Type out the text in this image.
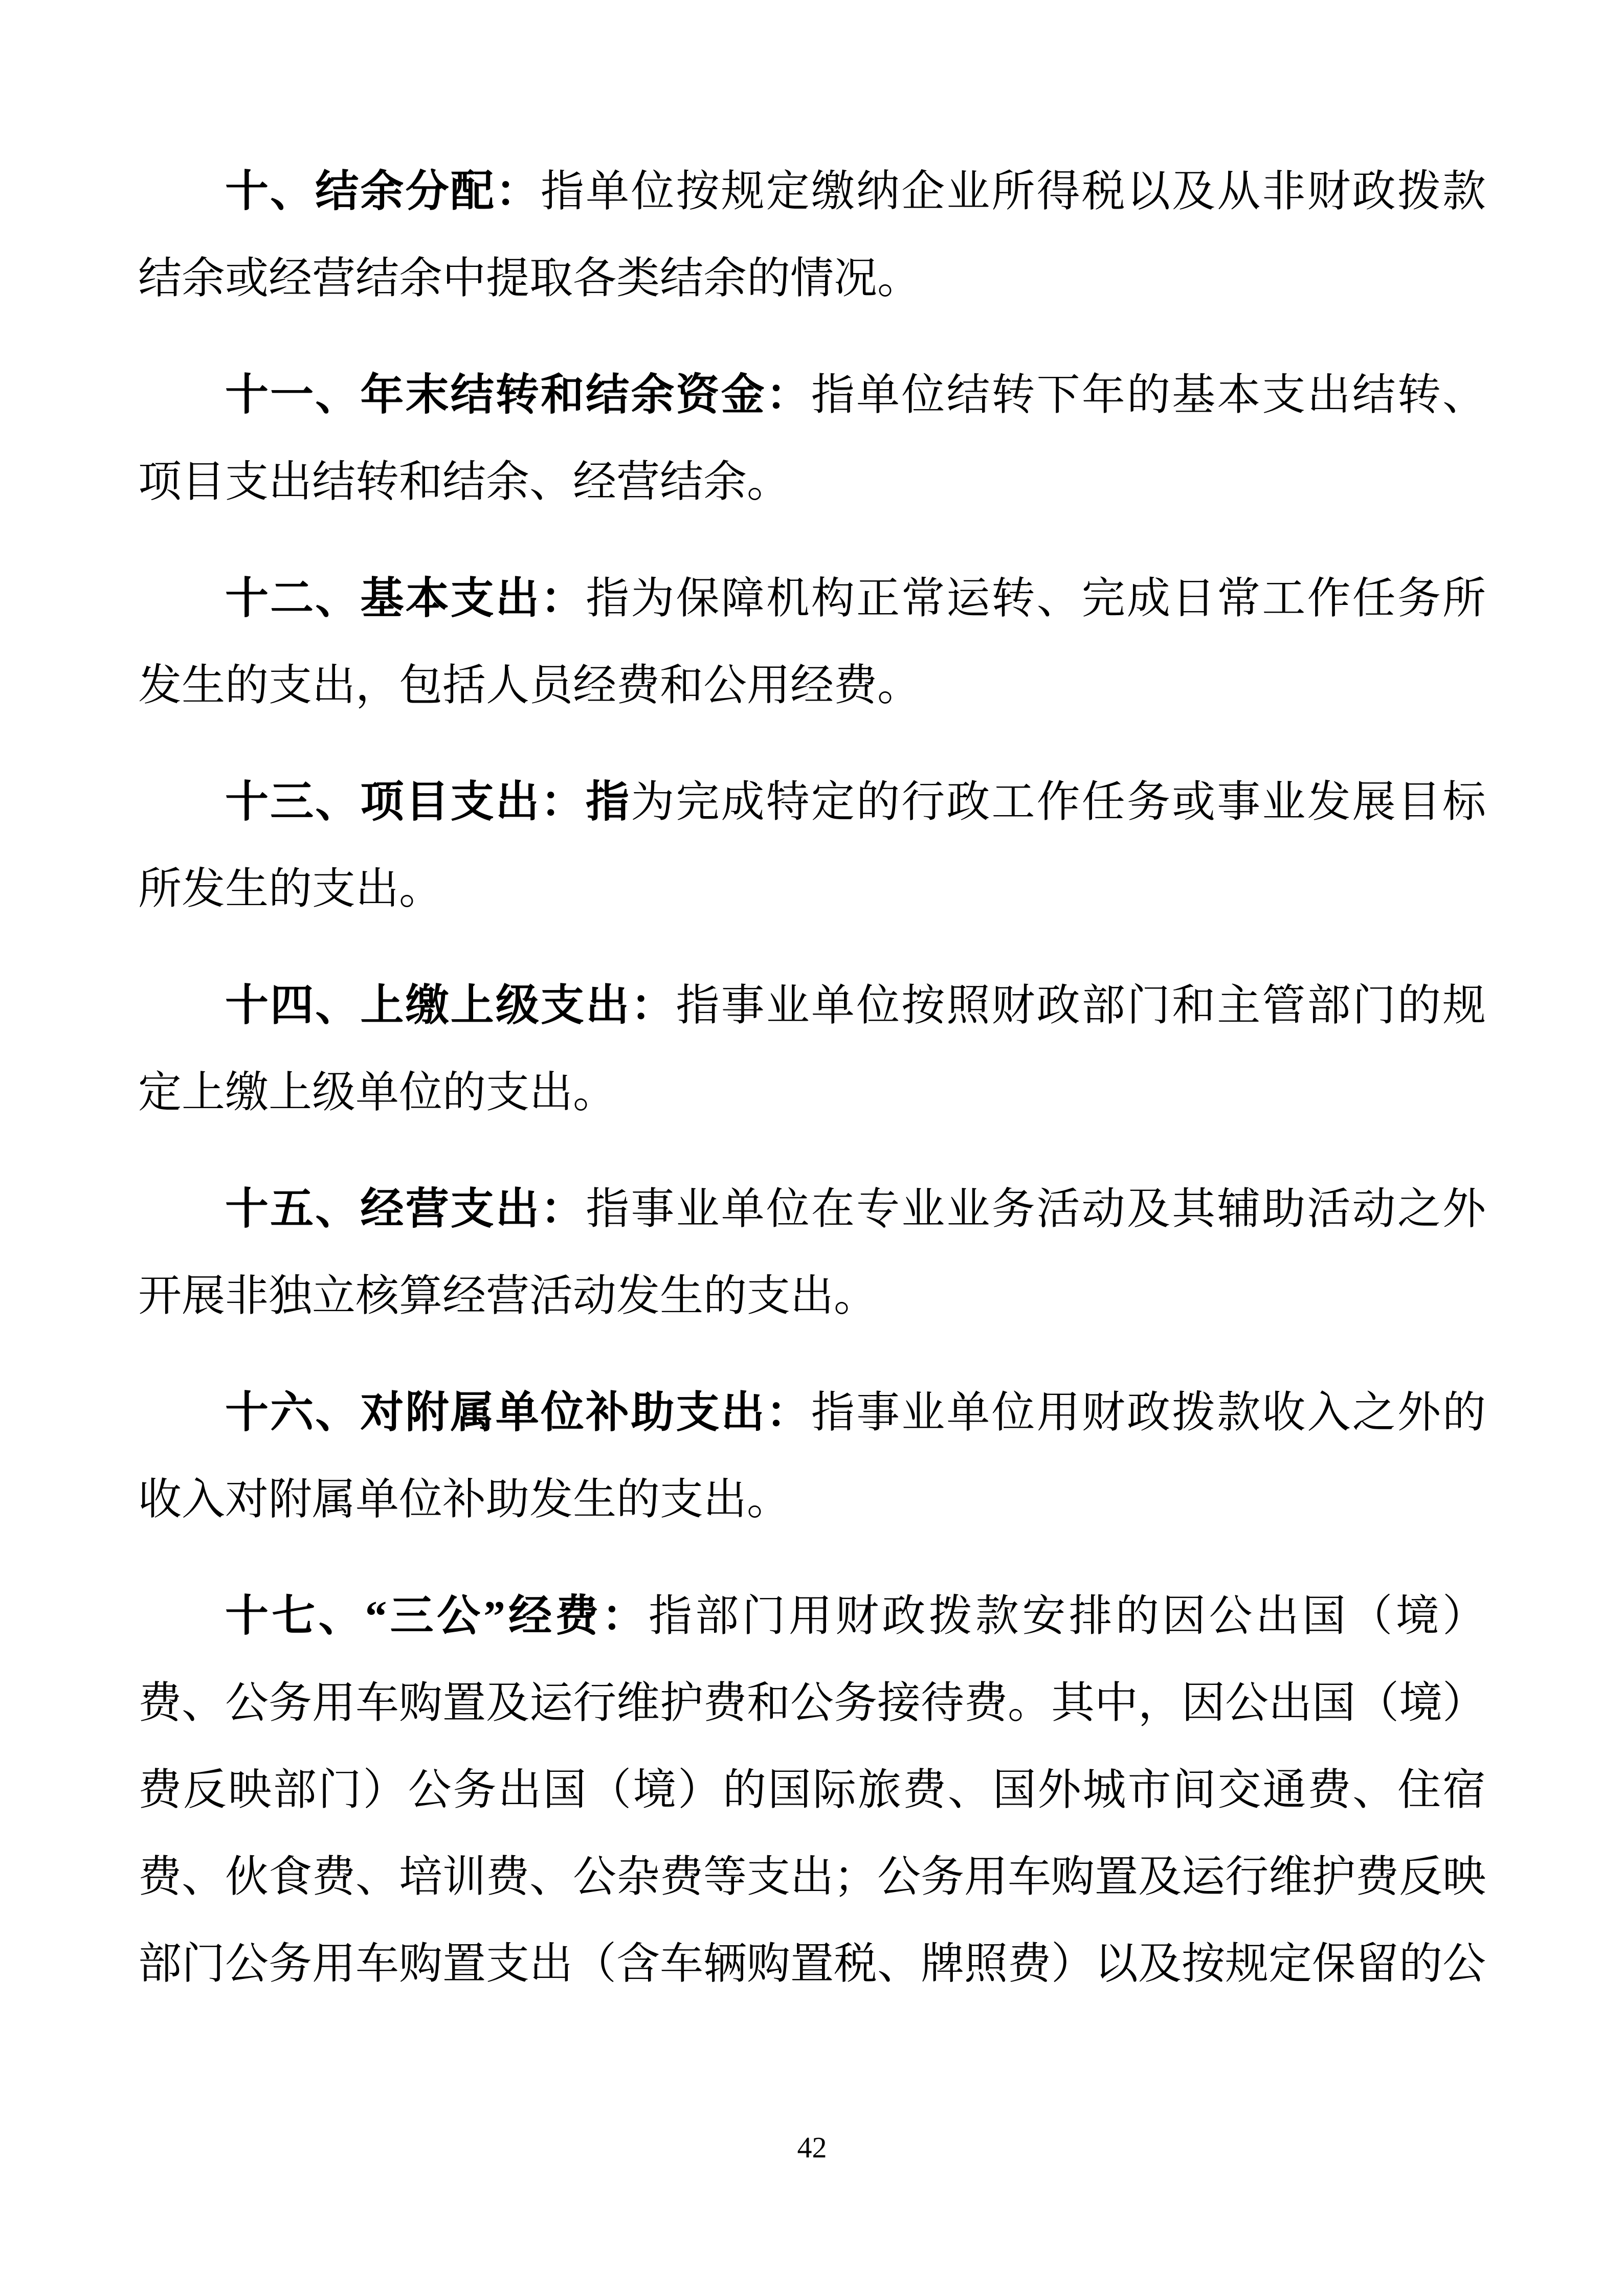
十、结余分配：指单位按规定缴纳企业所得税以及从非财政拨款结余或经营结余中提取各类结余的情况。

十一、年末结转和结余资金：指单位结转下年的基本支出结转、项目支出结转和结余、经营结余。

十二、基本支出：指为保障机构正常运转、完成日常工作任务所发生的支出，包括人员经费和公用经费。

十三、项目支出：指为完成特定的行政工作任务或事业发展目标所发生的支出。

十四、上缴上级支出：指事业单位按照财政部门和主管部门的规定上缴上级单位的支出。

十五、经营支出：指事业单位在专业业务活动及其辅助活动之外开展非独立核算经营活动发生的支出。

十六、对附属单位补助支出：指事业单位用财政拨款收入之外的收入对附属单位补助发生的支出。

十七、“三公”经费：指部门用财政拨款安排的因公出国（境）费、公务用车购置及运行维护费和公务接待费。其中，因公出国（境）费反映部门）公务出国（境）的国际旅费、国外城市间交通费、住宿费、伙食费、培训费、公杂费等支出；公务用车购置及运行维护费反映部门公务用车购置支出（含车辆购置税、牌照费）以及按规定保留的公

42
